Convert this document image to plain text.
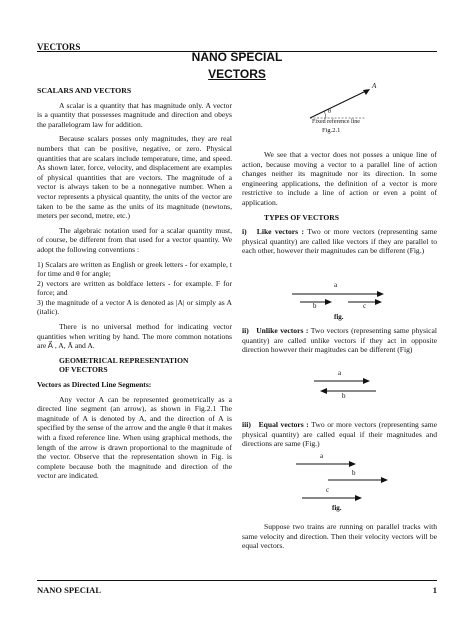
VECTORS
NANO SPECIAL
VECTORS
SCALARS AND VECTORS

A scalar is a quantity that has magnitude only. A vector is a quantity that possesses magnitude and direction and obeys the parallelogram law for addition.

Because scalars posses only magnitudes, they are real numbers that can be positive, negative, or zero. Physical quantities that are scalars include temperature, time, and speed. As shown later, force, velocity, and displacement are examples of physical quantities that are vectors. The magnitude of a vector is always taken to be a nonnegative number. When a vector represents a physical quantity, the units of the vector are taken to be the same as the units of its magnitude (newtons, meters per second, metre, etc.)

The algebraic notation used for a scalar quantity must, of course, be different from that used for a vector quantity. We adopt the following conventions :

1) Scalars are written as English or greek letters - for example, t for time and θ for angle;

2) vectors are written as boldface letters - for example. F for force; and

3) the magnitude of a vector A is denoted as |A| or simply as A (italic).

There is no universal method for indicating vector quantities when writing by hand. The more common notations are A⃗ , A, Ā and A.

GEOMETRICAL REPRESENTATION
OF VECTORS
Vectors as Directed Line Segments:

Any vector A can be represented geometrically as a directed line segment (an arrow), as shown in Fig.2.1 The magnitude of A is denoted by A, and the direction of A is specified by the sense of the arrow and the angle θ that it makes with a fixed reference line. When using graphical methods, the length of the arrow is drawn proportional to the magnitude of the vector. Observe that the representation shown in Fig. is complete because both the magnitude and direction of the vector are indicated.

A
θ
Fixed reference line
Fig.2.1

We see that a vector does not posses a unique line of action, because moving a vector to a parallel line of action changes neither its magnitude nor its direction. In some engineering applications, the definition of a vector is more restrictive to include a line of action or even a point of application.

TYPES OF VECTORS

i) Like vectors : Two or more vectors (representing same physical quantity) are called like vectors if they are parallel to each other, however their magnitudes can be different (Fig.)

a
b	c
fig.

ii) Unlike vectors : Two vectors (representing same physical quantity) are called unlike vectors if they act in opposite direction however their magitudes can be different (Fig)

a
b

iii) Equal vectors : Two or more vectors (representing same physical quantity) are called equal if their magnitudes and directions are same (Fig.)

a
b
c
fig.

Suppose two trains are running on parallel tracks with same velocity and direction. Then their velocity vectors will be equal vectors.

NANO SPECIAL	1
